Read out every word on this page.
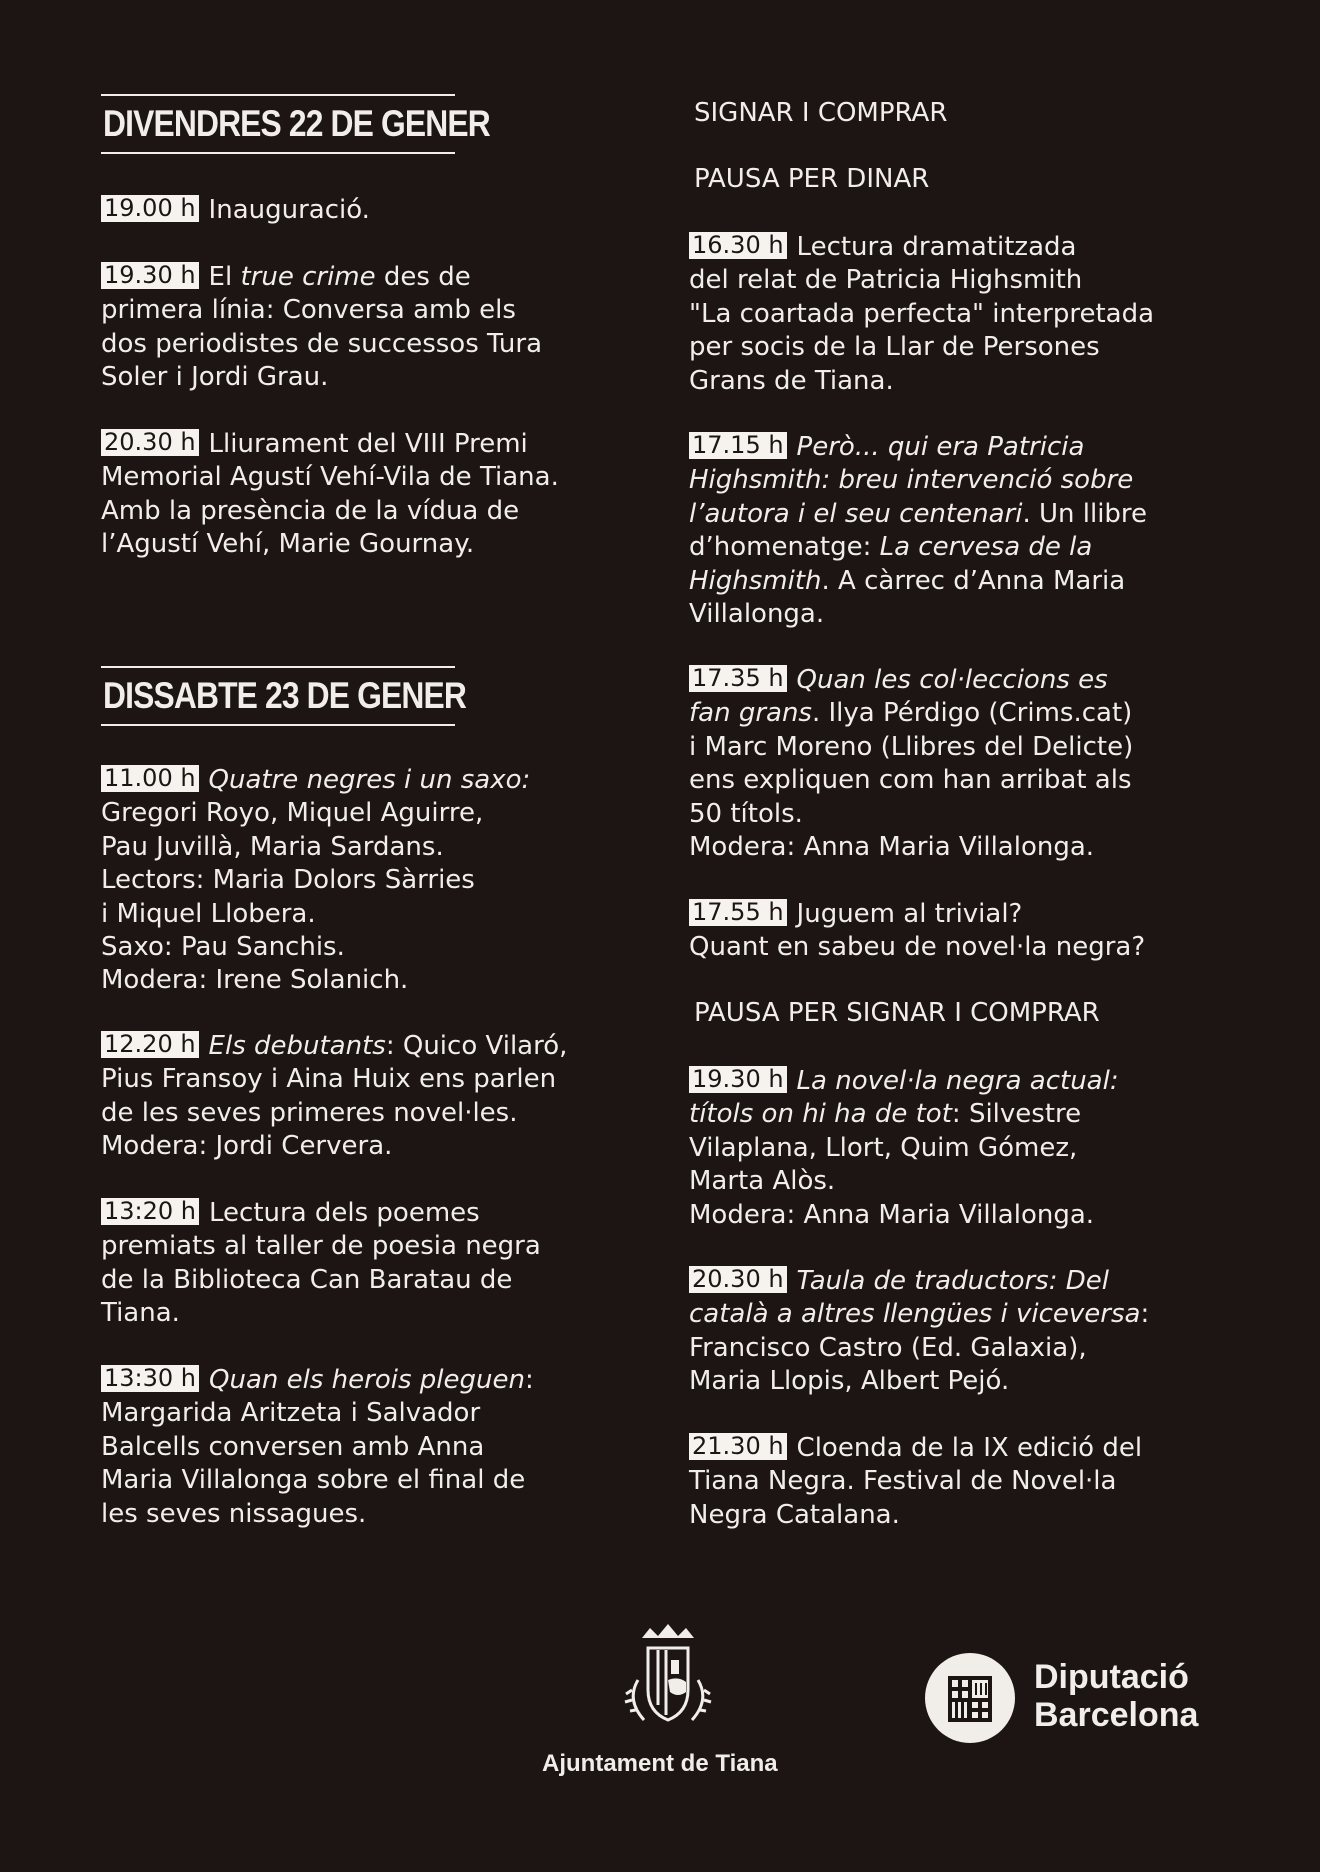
DIVENDRES 22 DE GENER
DISSABTE 23 DE GENER
SIGNAR I COMPRAR
PAUSA PER DINAR
PAUSA PER SIGNAR I COMPRAR
19.00 h Inauguració.
19.30 h El true crime des de
primera línia: Conversa amb els
dos periodistes de successos Tura
Soler i Jordi Grau.
20.30 h Lliurament del VIII Premi
Memorial Agustí Vehí-Vila de Tiana.
Amb la presència de la vídua de
l’Agustí Vehí, Marie Gournay.
11.00 h Quatre negres i un saxo:
Gregori Royo, Miquel Aguirre,
Pau Juvillà, Maria Sardans.
Lectors: Maria Dolors Sàrries
i Miquel Llobera.
Saxo: Pau Sanchis.
Modera: Irene Solanich.
12.20 h Els debutants: Quico Vilaró,
Pius Fransoy i Aina Huix ens parlen
de les seves primeres novel·les.
Modera: Jordi Cervera.
13:20 h Lectura dels poemes
premiats al taller de poesia negra
de la Biblioteca Can Baratau de
Tiana.
13:30 h Quan els herois pleguen:
Margarida Aritzeta i Salvador
Balcells conversen amb Anna
Maria Villalonga sobre el final de
les seves nissagues.
16.30 h Lectura dramatitzada
del relat de Patricia Highsmith
"La coartada perfecta" interpretada
per socis de la Llar de Persones
Grans de Tiana.
17.15 h Però... qui era Patricia
Highsmith: breu intervenció sobre
l’autora i el seu centenari. Un llibre
d’homenatge: La cervesa de la
Highsmith. A càrrec d’Anna Maria
Villalonga.
17.35 h Quan les col·leccions es
fan grans. Ilya Pérdigo (Crims.cat)
i Marc Moreno (Llibres del Delicte)
ens expliquen com han arribat als
50 títols.
Modera: Anna Maria Villalonga.
17.55 h Juguem al trivial?
Quant en sabeu de novel·la negra?
19.30 h La novel·la negra actual:
títols on hi ha de tot: Silvestre
Vilaplana, Llort, Quim Gómez,
Marta Alòs.
Modera: Anna Maria Villalonga.
20.30 h Taula de traductors: Del
català a altres llengües i viceversa:
Francisco Castro (Ed. Galaxia),
Maria Llopis, Albert Pejó.
21.30 h Cloenda de la IX edició del
Tiana Negra. Festival de Novel·la
Negra Catalana.
Ajuntament de Tiana
Diputació
Barcelona
